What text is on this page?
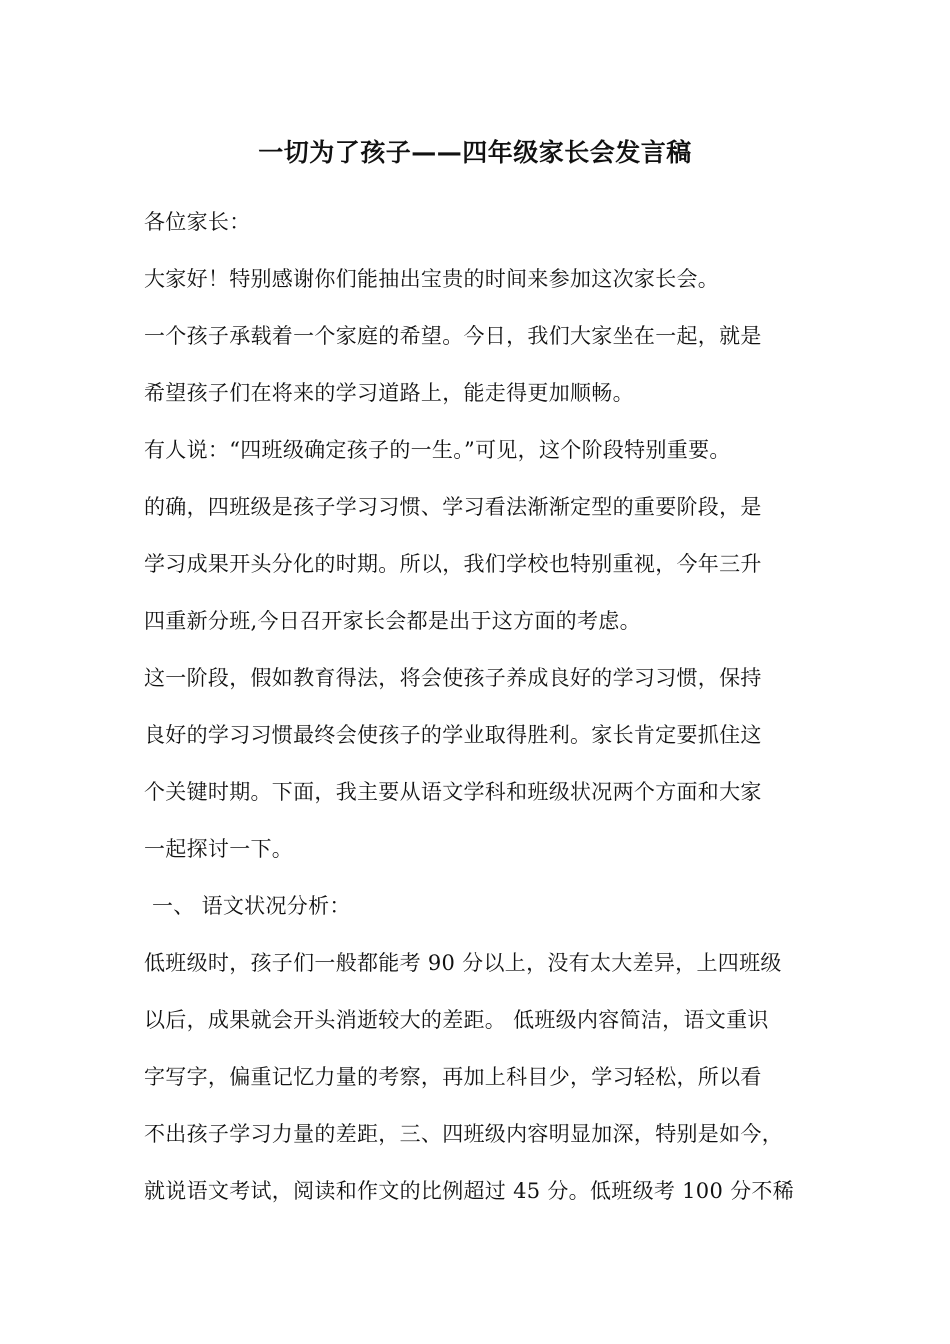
一切为了孩子——四年级家长会发言稿
各位家长：
大家好！特别感谢你们能抽出宝贵的时间来参加这次家长会。
一个孩子承载着一个家庭的希望。今日，我们大家坐在一起，就是
希望孩子们在将来的学习道路上，能走得更加顺畅。
有人说：“四班级确定孩子的一生。”可见，这个阶段特别重要。
的确，四班级是孩子学习习惯、学习看法渐渐定型的重要阶段，是
学习成果开头分化的时期。所以，我们学校也特别重视，今年三升
四重新分班,今日召开家长会都是出于这方面的考虑。
这一阶段，假如教育得法，将会使孩子养成良好的学习习惯，保持
良好的学习习惯最终会使孩子的学业取得胜利。家长肯定要抓住这
个关键时期。下面，我主要从语文学科和班级状况两个方面和大家
一起探讨一下。
一、 语文状况分析：
低班级时，孩子们一般都能考 90 分以上，没有太大差异，上四班级
以后，成果就会开头消逝较大的差距。 低班级内容简洁，语文重识
字写字，偏重记忆力量的考察，再加上科目少，学习轻松，所以看
不出孩子学习力量的差距，三、四班级内容明显加深，特别是如今，
就说语文考试，阅读和作文的比例超过 45 分。低班级考 100 分不稀
